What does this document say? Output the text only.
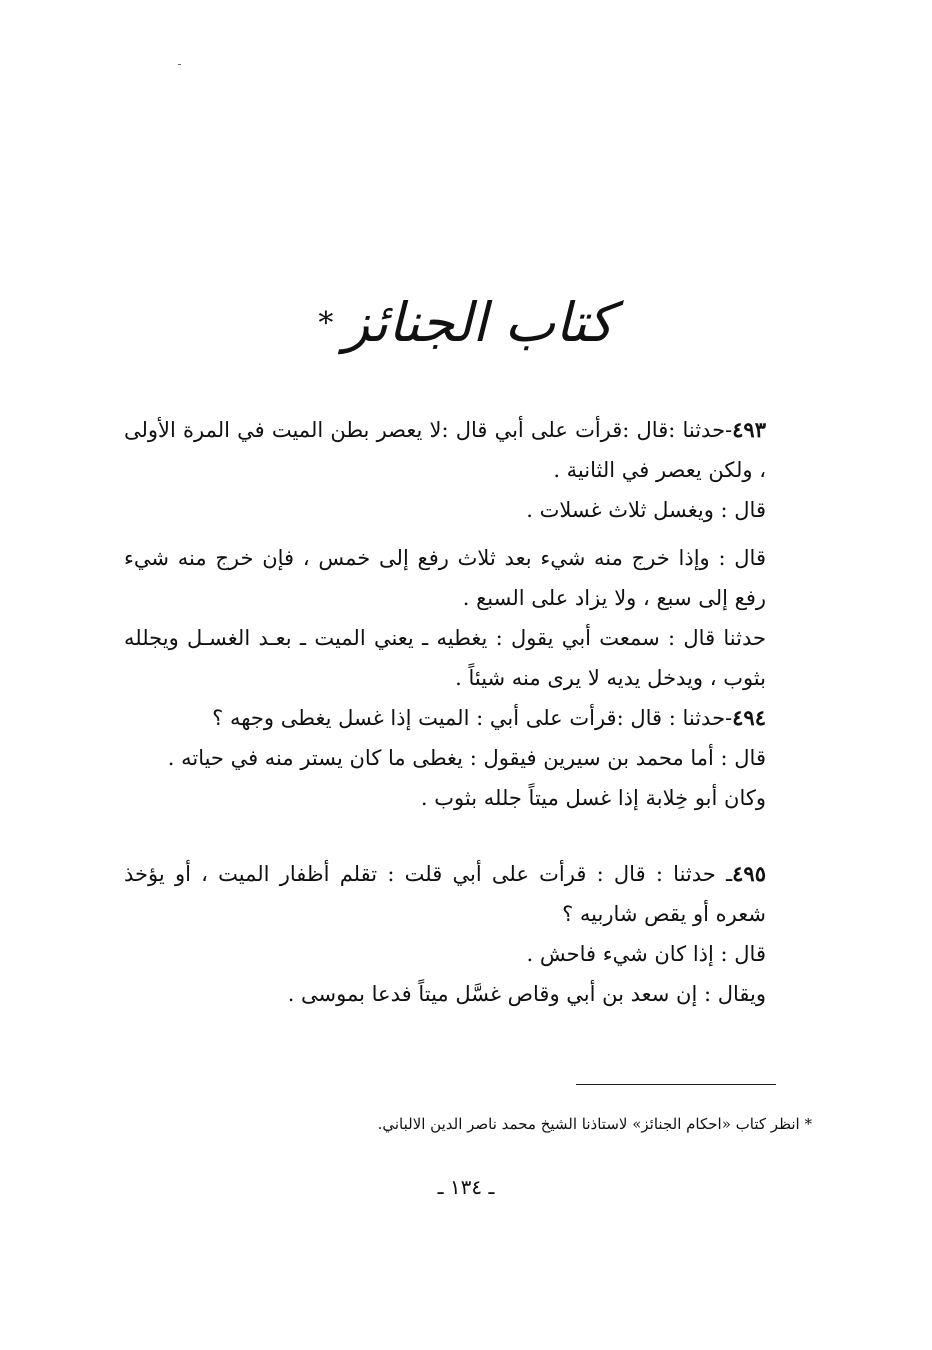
كتاب الجنائز*

٤٩٣-حدثنا :قال :قرأت على أبي قال :لا يعصر بطن الميت في المرة الأولى ، ولكن يعصر في الثانية .

قال : ويغسل ثلاث غسلات .

قال : وإذا خرج منه شيء بعد ثلاث رفع إلى خمس ، فإن خرج منه شيء رفع إلى سبع ، ولا يزاد على السبع .

حدثنا قال : سمعت أبي يقول : يغطيه ـ يعني الميت ـ بعـد الغسـل ويجلله بثوب ، ويدخل يديه لا يرى منه شيئاً .

٤٩٤-حدثنا : قال :قرأت على أبي : الميت إذا غسل يغطى وجهه ؟

قال : أما محمد بن سيرين فيقول : يغطى ما كان يستر منه في حياته .

وكان أبو خِلابة إذا غسل ميتاً جلله بثوب .

٤٩٥ـ حدثنا : قال : قرأت على أبي قلت : تقلم أظفار الميت ، أو يؤخذ شعره أو يقص شاربيه ؟

قال : إذا كان شيء فاحش .

ويقال : إن سعد بن أبي وقاص غسَّل ميتاً فدعا بموسى .

* انظر كتاب «احكام الجنائز» لاستاذنا الشيخ محمد ناصر الدين الالباني.
ـ ١٣٤ ـ
